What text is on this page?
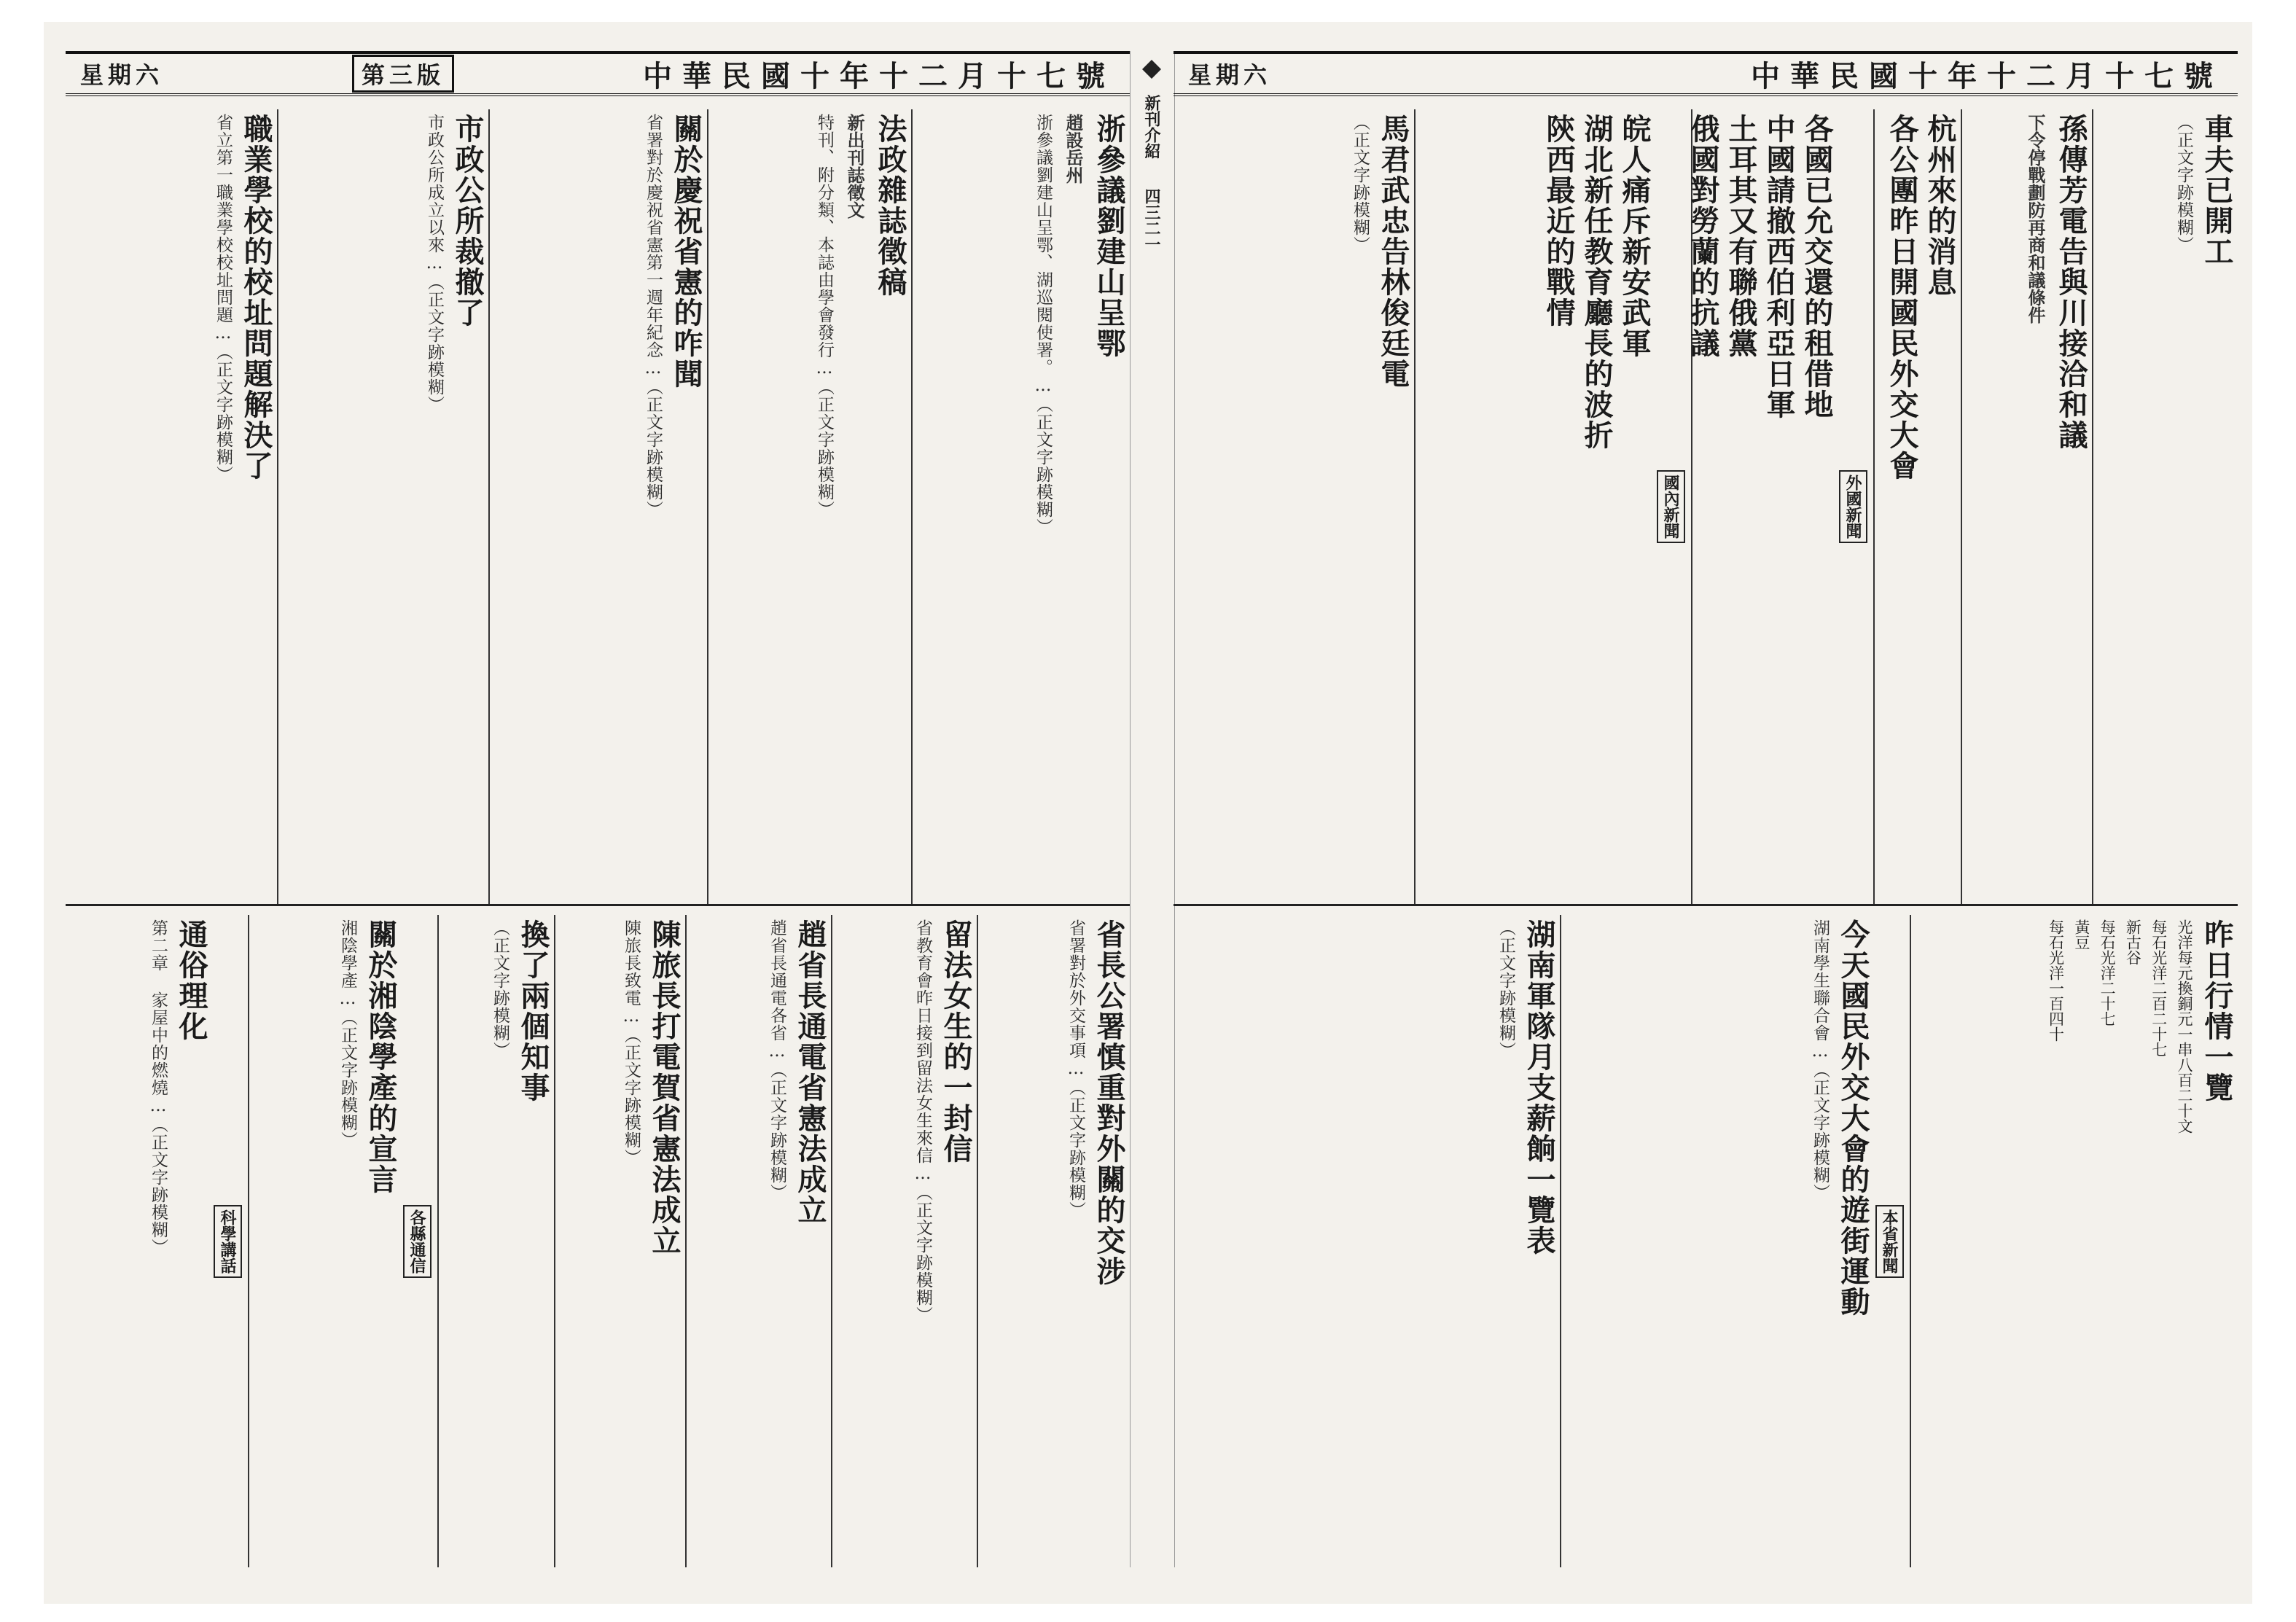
星期六	第三版	中華民國十年十二月十七號
浙參議劉建山呈鄂
趙設岳州
浙參議劉建山呈鄂、湖巡閱使署。…（正文字跡模糊）
法政雜誌徵稿
新出刊誌徵文
特刊、附分類、本誌由學會發行…（正文字跡模糊）
關於慶祝省憲的咋聞
省署對於慶祝省憲第一週年紀念…（正文字跡模糊）
市政公所裁撤了
市政公所成立以來…（正文字跡模糊）
職業學校的校址問題解決了
省立第一職業學校校址問題…（正文字跡模糊）
省長公署慎重對外關的交涉
省署對於外交事項…（正文字跡模糊）
留法女生的一封信
省教育會昨日接到留法女生來信…（正文字跡模糊）
趙省長通電省憲法成立
趙省長通電各省…（正文字跡模糊）
陳旅長打電賀省憲法成立
陳旅長致電…（正文字跡模糊）
換了兩個知事
（正文字跡模糊）
各縣通信
關於湘陰學產的宣言
湘陰學產…（正文字跡模糊）
科學講話
通俗理化
第二章 家屋中的燃燒…（正文字跡模糊）
新刊介紹
四三二一
星期六	中華民國十年十二月十七號
車夫已開工
（正文字跡模糊）
孫傳芳電告與川接洽和議
下令停戰劃防再商和議條件
杭州來的消息
各公團昨日開國民外交大會
外國新聞
各國已允交還的租借地
中國請撤西伯利亞日軍
土耳其又有聯俄黨
俄國對勞蘭的抗議
國內新聞
皖人痛斥新安武軍
湖北新任教育廳長的波折
陝西最近的戰情
馬君武忠告林俊廷電
（正文字跡模糊）
昨日行情一覽
光洋每元換銅元一串八百二十文
每石光洋二百二十七
新古谷
每石光洋二十七
黃豆
每石光洋一百四十
本省新聞
今天國民外交大會的遊街運動
湖南學生聯合會…（正文字跡模糊）
湖南軍隊月支薪餉一覽表
（正文字跡模糊）
